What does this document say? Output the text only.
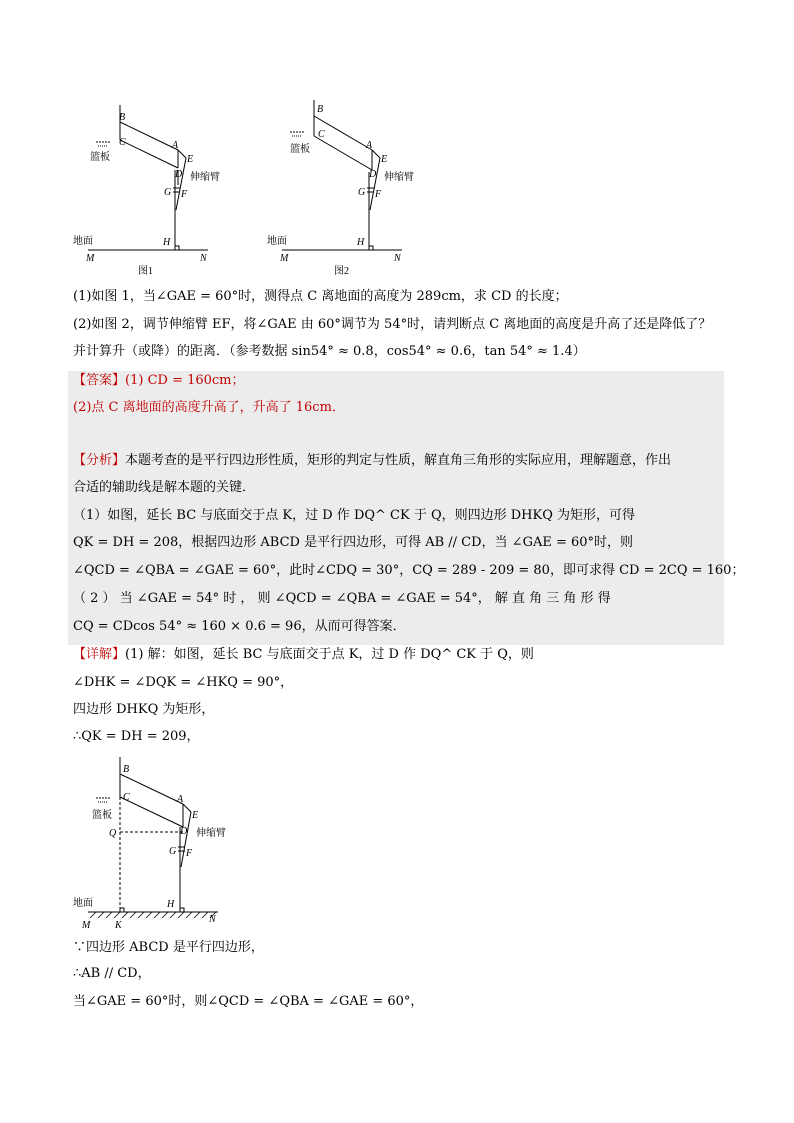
B
C	A
E
D
G F
H
M	N
篮板
伸缩臂
地面
图1
B
C
A
E
D
G F
H
M	N
篮板
伸缩臂
地面
图2
(1)如图 1，当∠GAE = 60°时，测得点 C 离地面的高度为 289cm，求 CD 的长度；
(2)如图 2，调节伸缩臂 EF，将∠GAE 由 60°调节为 54°时，请判断点 C 离地面的高度是升高了还是降低了？
并计算升（或降）的距离．（参考数据 sin54° ≈ 0.8，cos54° ≈ 0.6，tan 54° ≈ 1.4）
【答案】(1) CD = 160cm；
(2)点 C 离地面的高度升高了，升高了 16cm．
【分析】本题考查的是平行四边形性质，矩形的判定与性质，解直角三角形的实际应用，理解题意，作出
合适的辅助线是解本题的关键．
（1）如图，延长 BC 与底面交于点 K，过 D 作 DQ^ CK 于 Q，则四边形 DHKQ 为矩形，可得
QK = DH = 208，根据四边形 ABCD 是平行四边形，可得 AB // CD，当 ∠GAE = 60°时，则
∠QCD = ∠QBA = ∠GAE = 60°，此时∠CDQ = 30°，CQ = 289 - 209 = 80，即可求得 CD = 2CQ = 160；
（ 2 ） 当 ∠GAE = 54° 时 ， 则 ∠QCD = ∠QBA = ∠GAE = 54°， 解 直 角 三 角 形 得
CQ = CDcos 54° ≈ 160 × 0.6 = 96，从而可得答案．
【详解】(1) 解：如图，延长 BC 与底面交于点 K，过 D 作 DQ^ CK 于 Q，则
∠DHK = ∠DQK = ∠HKQ = 90°，
四边形 DHKQ 为矩形，
∴QK = DH = 209，
B
C	A
E
D
G F
H
Q
K
M
N
篮板
伸缩臂
地面
∵四边形 ABCD 是平行四边形，
∴AB // CD，
当∠GAE = 60°时，则∠QCD = ∠QBA = ∠GAE = 60°，
